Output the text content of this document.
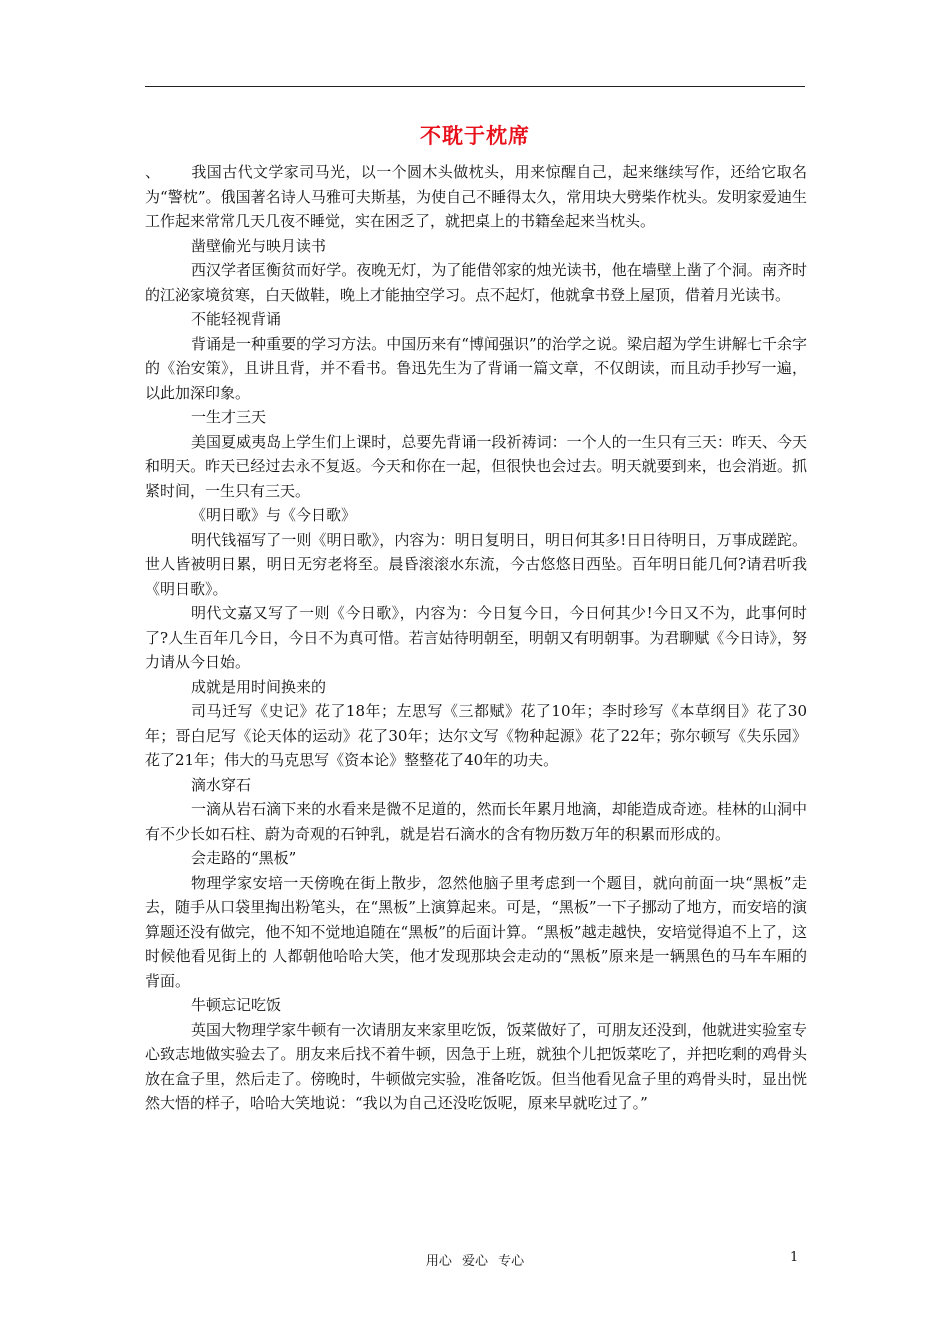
不耽于枕席

、 我国古代文学家司马光，以一个圆木头做枕头，用来惊醒自己，起来继续写作，还给它取名为“警枕”。俄国著名诗人马雅可夫斯基，为使自己不睡得太久，常用块大劈柴作枕头。发明家爱迪生工作起来常常几天几夜不睡觉，实在困乏了，就把桌上的书籍垒起来当枕头。

凿壁偷光与映月读书

西汉学者匡衡贫而好学。夜晚无灯，为了能借邻家的烛光读书，他在墙壁上凿了个洞。南齐时的江泌家境贫寒，白天做鞋，晚上才能抽空学习。点不起灯，他就拿书登上屋顶，借着月光读书。

不能轻视背诵

背诵是一种重要的学习方法。中国历来有“博闻强识”的治学之说。梁启超为学生讲解七千余字的《治安策》，且讲且背，并不看书。鲁迅先生为了背诵一篇文章，不仅朗读，而且动手抄写一遍，以此加深印象。

一生才三天

美国夏威夷岛上学生们上课时，总要先背诵一段祈祷词：一个人的一生只有三天：昨天、今天和明天。昨天已经过去永不复返。今天和你在一起，但很快也会过去。明天就要到来，也会消逝。抓紧时间，一生只有三天。

《明日歌》与《今日歌》

明代钱福写了一则《明日歌》，内容为：明日复明日，明日何其多!日日待明日，万事成蹉跎。世人皆被明日累，明日无穷老将至。晨昏滚滚水东流，今古悠悠日西坠。百年明日能几何?请君听我《明日歌》。

明代文嘉又写了一则《今日歌》，内容为：今日复今日，今日何其少!今日又不为，此事何时了?人生百年几今日，今日不为真可惜。若言姑待明朝至，明朝又有明朝事。为君聊赋《今日诗》，努力请从今日始。

成就是用时间换来的

司马迁写《史记》花了18年；左思写《三都赋》花了10年；李时珍写《本草纲目》花了30年；哥白尼写《论天体的运动》花了30年；达尔文写《物种起源》花了22年；弥尔顿写《失乐园》花了21年；伟大的马克思写《资本论》整整花了40年的功夫。

滴水穿石

一滴从岩石滴下来的水看来是微不足道的，然而长年累月地滴，却能造成奇迹。桂林的山洞中有不少长如石柱、蔚为奇观的石钟乳，就是岩石滴水的含有物历数万年的积累而形成的。

会走路的“黑板”

物理学家安培一天傍晚在街上散步，忽然他脑子里考虑到一个题目，就向前面一块“黑板”走去，随手从口袋里掏出粉笔头，在“黑板”上演算起来。可是，“黑板”一下子挪动了地方，而安培的演算题还没有做完，他不知不觉地追随在“黑板”的后面计算。“黑板”越走越快，安培觉得追不上了，这时候他看见街上的 人都朝他哈哈大笑，他才发现那块会走动的“黑板”原来是一辆黑色的马车车厢的背面。

牛顿忘记吃饭

英国大物理学家牛顿有一次请朋友来家里吃饭，饭菜做好了，可朋友还没到，他就进实验室专心致志地做实验去了。朋友来后找不着牛顿，因急于上班，就独个儿把饭菜吃了，并把吃剩的鸡骨头放在盒子里，然后走了。傍晚时，牛顿做完实验，准备吃饭。但当他看见盒子里的鸡骨头时，显出恍然大悟的样子，哈哈大笑地说：“我以为自己还没吃饭呢，原来早就吃过了。”

用心 爱心 专心	1
